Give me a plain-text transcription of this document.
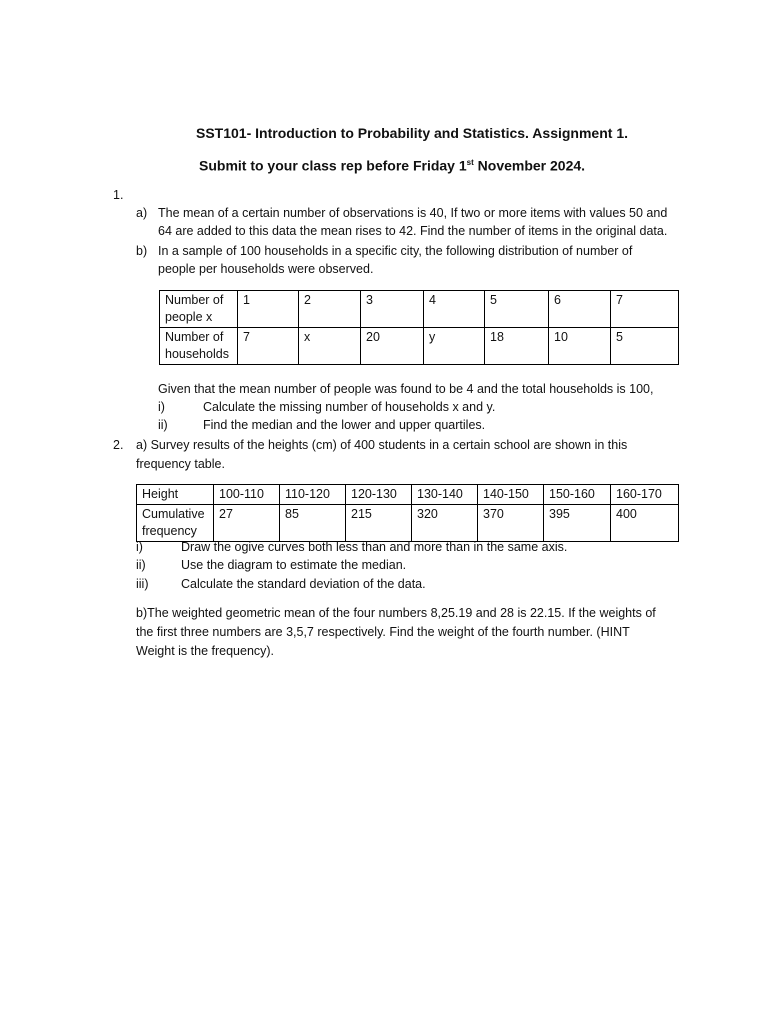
SST101- Introduction to Probability and Statistics. Assignment 1.
Submit to your class rep before Friday 1st November 2024.
1.
a) The mean of a certain number of observations is 40, If two or more items with values 50 and
64 are added to this data the mean rises to 42. Find the number of items in the original data.
b) In a sample of 100 households in a specific city, the following distribution of number of
people per households were observed.
Number of people x	1	2	3	4	5	6	7
Number of households	7	x	20	y	18	10	5
Given that the mean number of people was found to be 4 and the total households is 100,
i)	Calculate the missing number of households x and y.
ii)	Find the median and the lower and upper quartiles.
2. a) Survey results of the heights (cm) of 400 students in a certain school are shown in this
frequency table.
Height	100-110	110-120	120-130	130-140	140-150	150-160	160-170
Cumulative frequency	27	85	215	320	370	395	400
i)	Draw the ogive curves both less than and more than in the same axis.
ii)	Use the diagram to estimate the median.
iii)	Calculate the standard deviation of the data.
b)The weighted geometric mean of the four numbers 8,25.19 and 28 is 22.15. If the weights of
the first three numbers are 3,5,7 respectively. Find the weight of the fourth number. (HINT
Weight is the frequency).
